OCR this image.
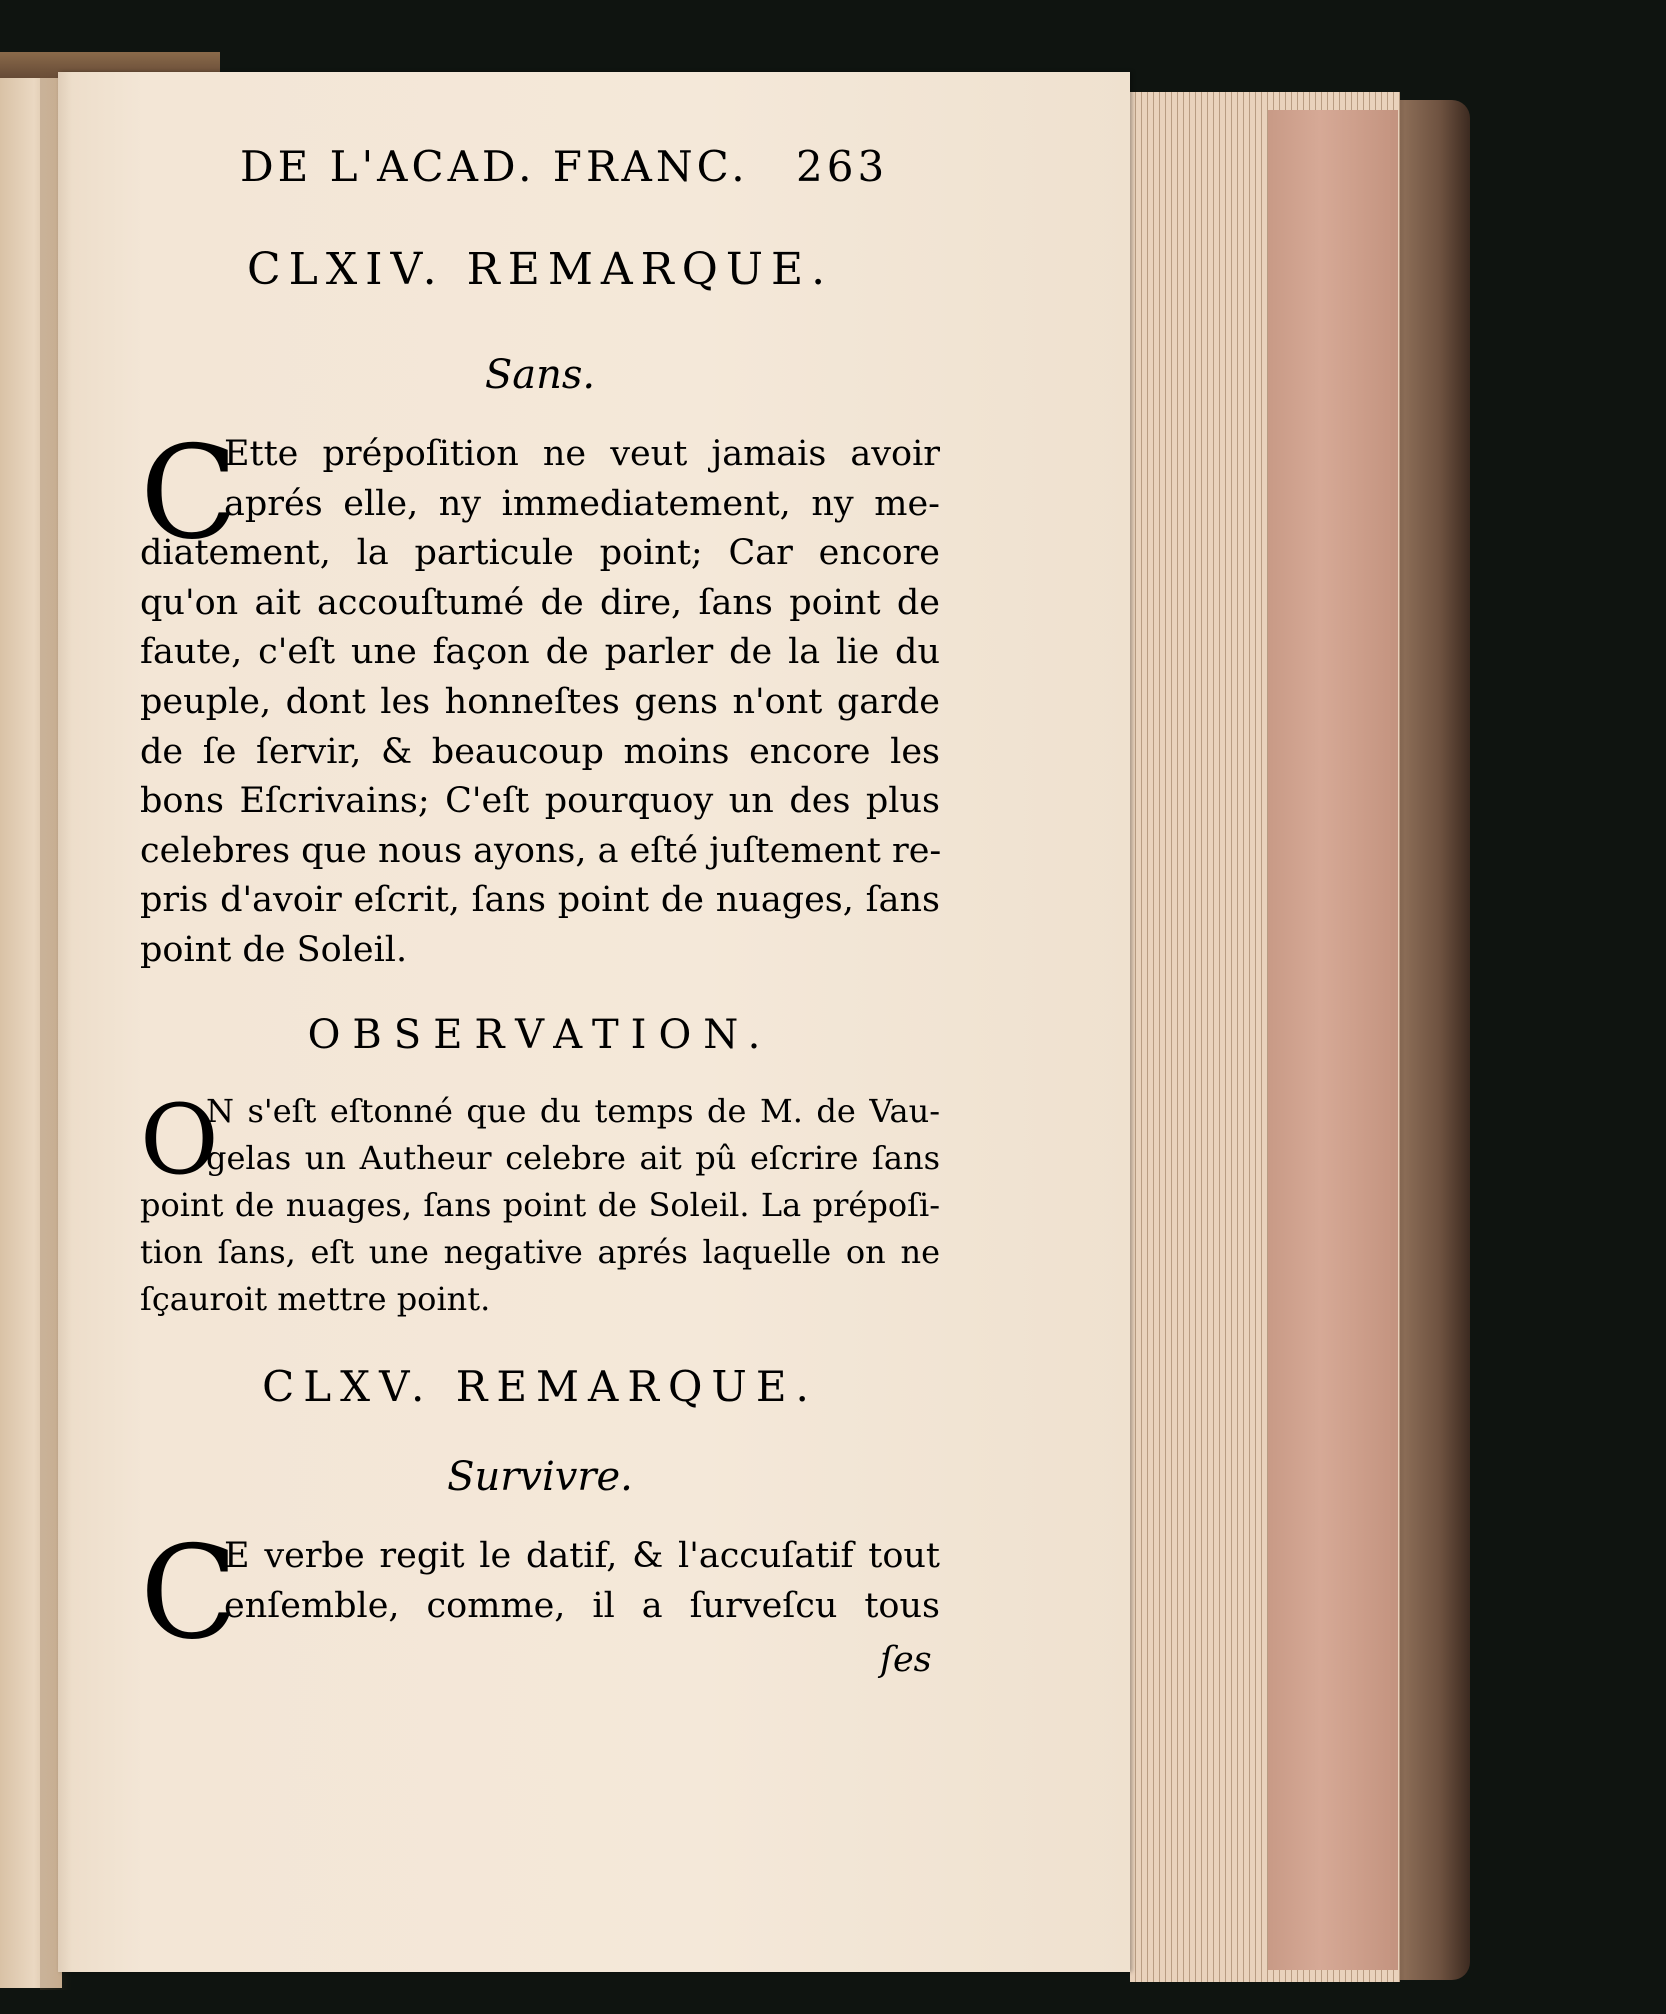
DE L'ACAD. FRANC. 263
CLXIV. REMARQUE.
Sans.
C
Ette prépoſition ne veut jamais avoir
aprés elle, ny immediatement, ny me-
diatement, la particule point; Car encore
qu'on ait accouſtumé de dire, ſans point de
faute, c'eſt une façon de parler de la lie du
peuple, dont les honneſtes gens n'ont garde
de ſe ſervir, & beaucoup moins encore les
bons Eſcrivains; C'eſt pourquoy un des plus
celebres que nous ayons, a eſté juſtement re-
pris d'avoir eſcrit, ſans point de nuages, ſans
point de Soleil.
OBSERVATION.
O
N s'eſt eſtonné que du temps de M. de Vau-
gelas un Autheur celebre ait pû eſcrire ſans
point de nuages, ſans point de Soleil. La prépoſi-
tion ſans, eſt une negative aprés laquelle on ne
ſçauroit mettre point.
CLXV. REMARQUE.
Survivre.
C
E verbe regit le datif, & l'accuſatif tout
enſemble, comme, il a ſurveſcu tous
ſes
